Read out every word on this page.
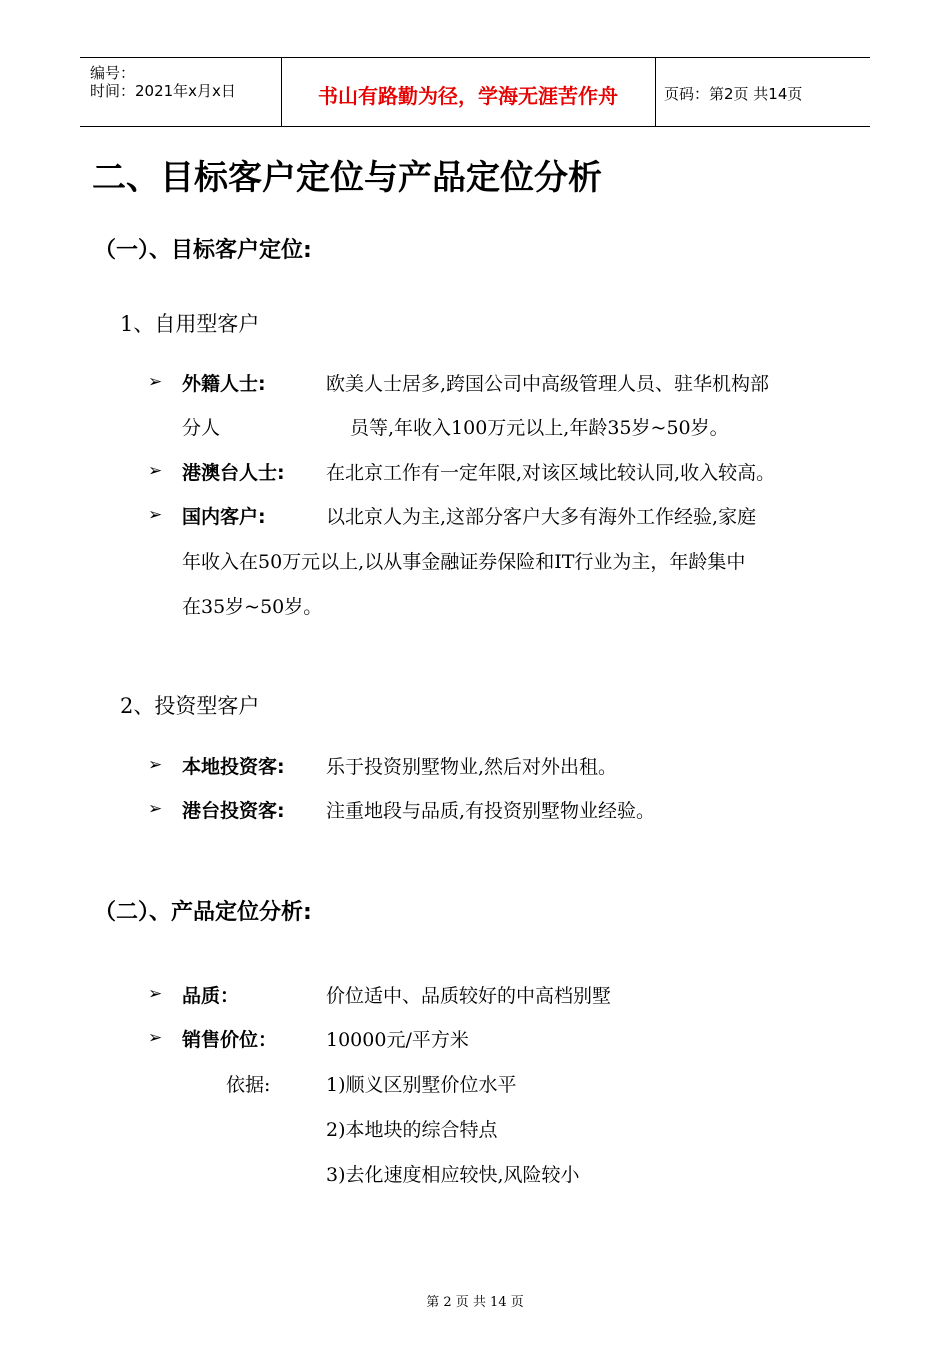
编号：
时间：2021年x月x日	书山有路勤为径，学海无涯苦作舟	页码：第2页 共14页
二、目标客户定位与产品定位分析
（一）、目标客户定位:
1、自用型客户
➢ 外籍人士:	欧美人士居多,跨国公司中高级管理人员、驻华机构部
分人	员等,年收入100万元以上,年龄35岁~50岁。
➢ 港澳台人士: 在北京工作有一定年限,对该区域比较认同,收入较高。
➢ 国内客户:	以北京人为主,这部分客户大多有海外工作经验,家庭
年收入在50万元以上,以从事金融证券保险和IT行业为主，年龄集中
在35岁~50岁。
2、投资型客户
➢ 本地投资客: 乐于投资别墅物业,然后对外出租。
➢ 港台投资客: 注重地段与品质,有投资别墅物业经验。
（二）、产品定位分析:
➢ 品质：	价位适中、品质较好的中高档别墅
➢ 销售价位：	10000元/平方米
依据:	1)顺义区别墅价位水平
2)本地块的综合特点
3)去化速度相应较快,风险较小
第 2 页 共 14 页
